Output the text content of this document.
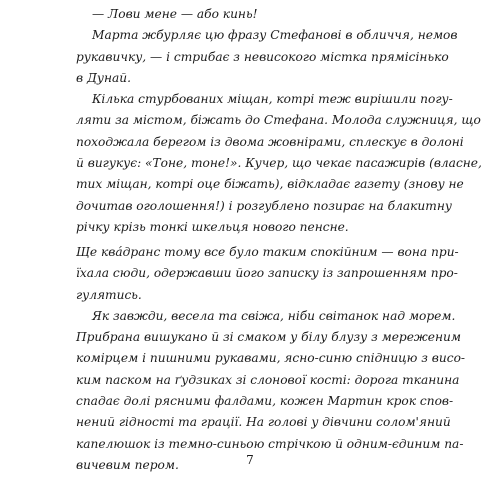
— Лови мене — або кинь!
Марта жбурляє цю фразу Стефанові в обличчя, немов
рукавичку, — і стрибає з невисокого містка прямісінько
в Дунай.
Кілька стурбованих міщан, котрі теж вирішили погу-
ляти за містом, біжать до Стефана. Молода служниця, що
походжала берегом із двома жовнірами, сплескує в долоні
й вигукує: «Тоне, тоне!». Кучер, що чекає пасажирів (власне,
тих міщан, котрі оце біжать), відкладає газету (знову не
дочитав оголошення!) і розгублено позирає на блакитну
річку крізь тонкі шкельця нового пенсне.
Ще квáдранс тому все було таким спокійним — вона при-
їхала сюди, одержавши його записку із запрошенням про-
гулятись.
Як завжди, весела та свіжа, ніби світанок над морем.
Прибрана вишукано й зі смаком у білу блузу з мереженим
комірцем і пишними рукавами, ясно-синю спідницю з висо-
ким паском на ґудзиках зі слонової кості: дорога тканина
спадає долі рясними фалдами, кожен Мартин крок спов-
нений гідності та грації. На голові у дівчини солом'яний
капелюшок із темно-синьою стрічкою й одним-єдиним па-
вичевим пером.	7
